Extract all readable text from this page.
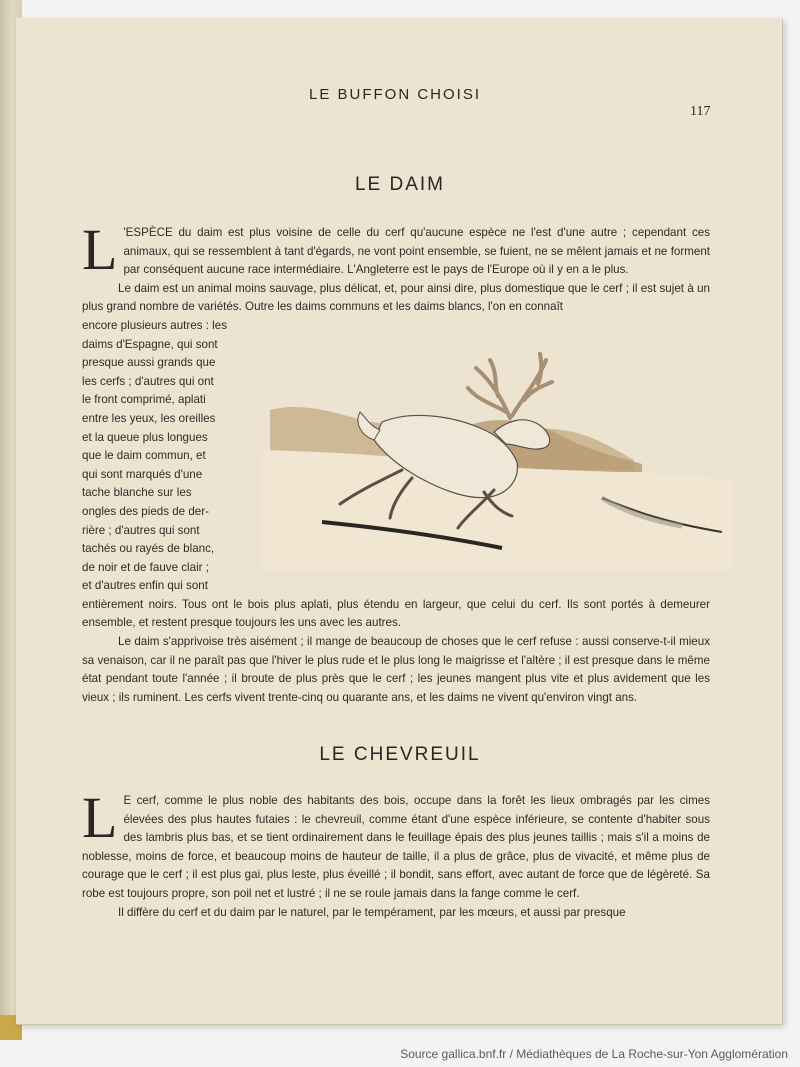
LE BUFFON CHOISI
117
LE DAIM

L 'ESPÈCE du daim est plus voisine de celle du cerf qu'aucune espèce ne l'est d'une autre ; cependant ces animaux, qui se ressemblent à tant d'égards, ne vont point ensemble, se fuient, ne se mêlent jamais et ne forment par conséquent aucune race intermédiaire. L'Angleterre est le pays de l'Europe où il y en a le plus.

Le daim est un animal moins sauvage, plus délicat, et, pour ainsi dire, plus domestique que le cerf ; il est sujet à un plus grand nombre de variétés. Outre les daims communs et les daims blancs, l'on en connaît

encore plusieurs autres : les
daims d'Espagne, qui sont
presque aussi grands que
les cerfs ; d'autres qui ont
le front comprimé, aplati
entre les yeux, les oreilles
et la queue plus longues
que le daim commun, et
qui sont marqués d'une
tache blanche sur les
ongles des pieds de der-
rière ; d'autres qui sont
tachés ou rayés de blanc,
de noir et de fauve clair ;
et d'autres enfin qui sont

entièrement noirs. Tous ont le bois plus aplati, plus étendu en largeur, que celui du cerf. Ils sont portés à demeurer ensemble, et restent presque toujours les uns avec les autres.

Le daim s'apprivoise très aisément ; il mange de beaucoup de choses que le cerf refuse : aussi conserve-t-il mieux sa venaison, car il ne paraît pas que l'hiver le plus rude et le plus long le maigrisse et l'altère ; il est presque dans le même état pendant toute l'année ; il broute de plus près que le cerf ; les jeunes mangent plus vite et plus avidement que les vieux ; ils ruminent. Les cerfs vivent trente-cinq ou quarante ans, et les daims ne vivent qu'environ vingt ans.

LE CHEVREUIL

L E cerf, comme le plus noble des habitants des bois, occupe dans la forêt les lieux ombragés par les cimes élevées des plus hautes futaies : le chevreuil, comme étant d'une espèce inférieure, se contente d'habiter sous des lambris plus bas, et se tient ordinairement dans le feuillage épais des plus jeunes taillis ; mais s'il a moins de noblesse, moins de force, et beaucoup moins de hauteur de taille, il a plus de grâce, plus de vivacité, et même plus de courage que le cerf ; il est plus gai, plus leste, plus éveillé ; il bondit, sans effort, avec autant de force que de légèreté. Sa robe est toujours propre, son poil net et lustré ; il ne se roule jamais dans la fange comme le cerf.

Il diffère du cerf et du daim par le naturel, par le tempérament, par les mœurs, et aussi par presque

Source gallica.bnf.fr / Médiathèques de La Roche-sur-Yon Agglomération
